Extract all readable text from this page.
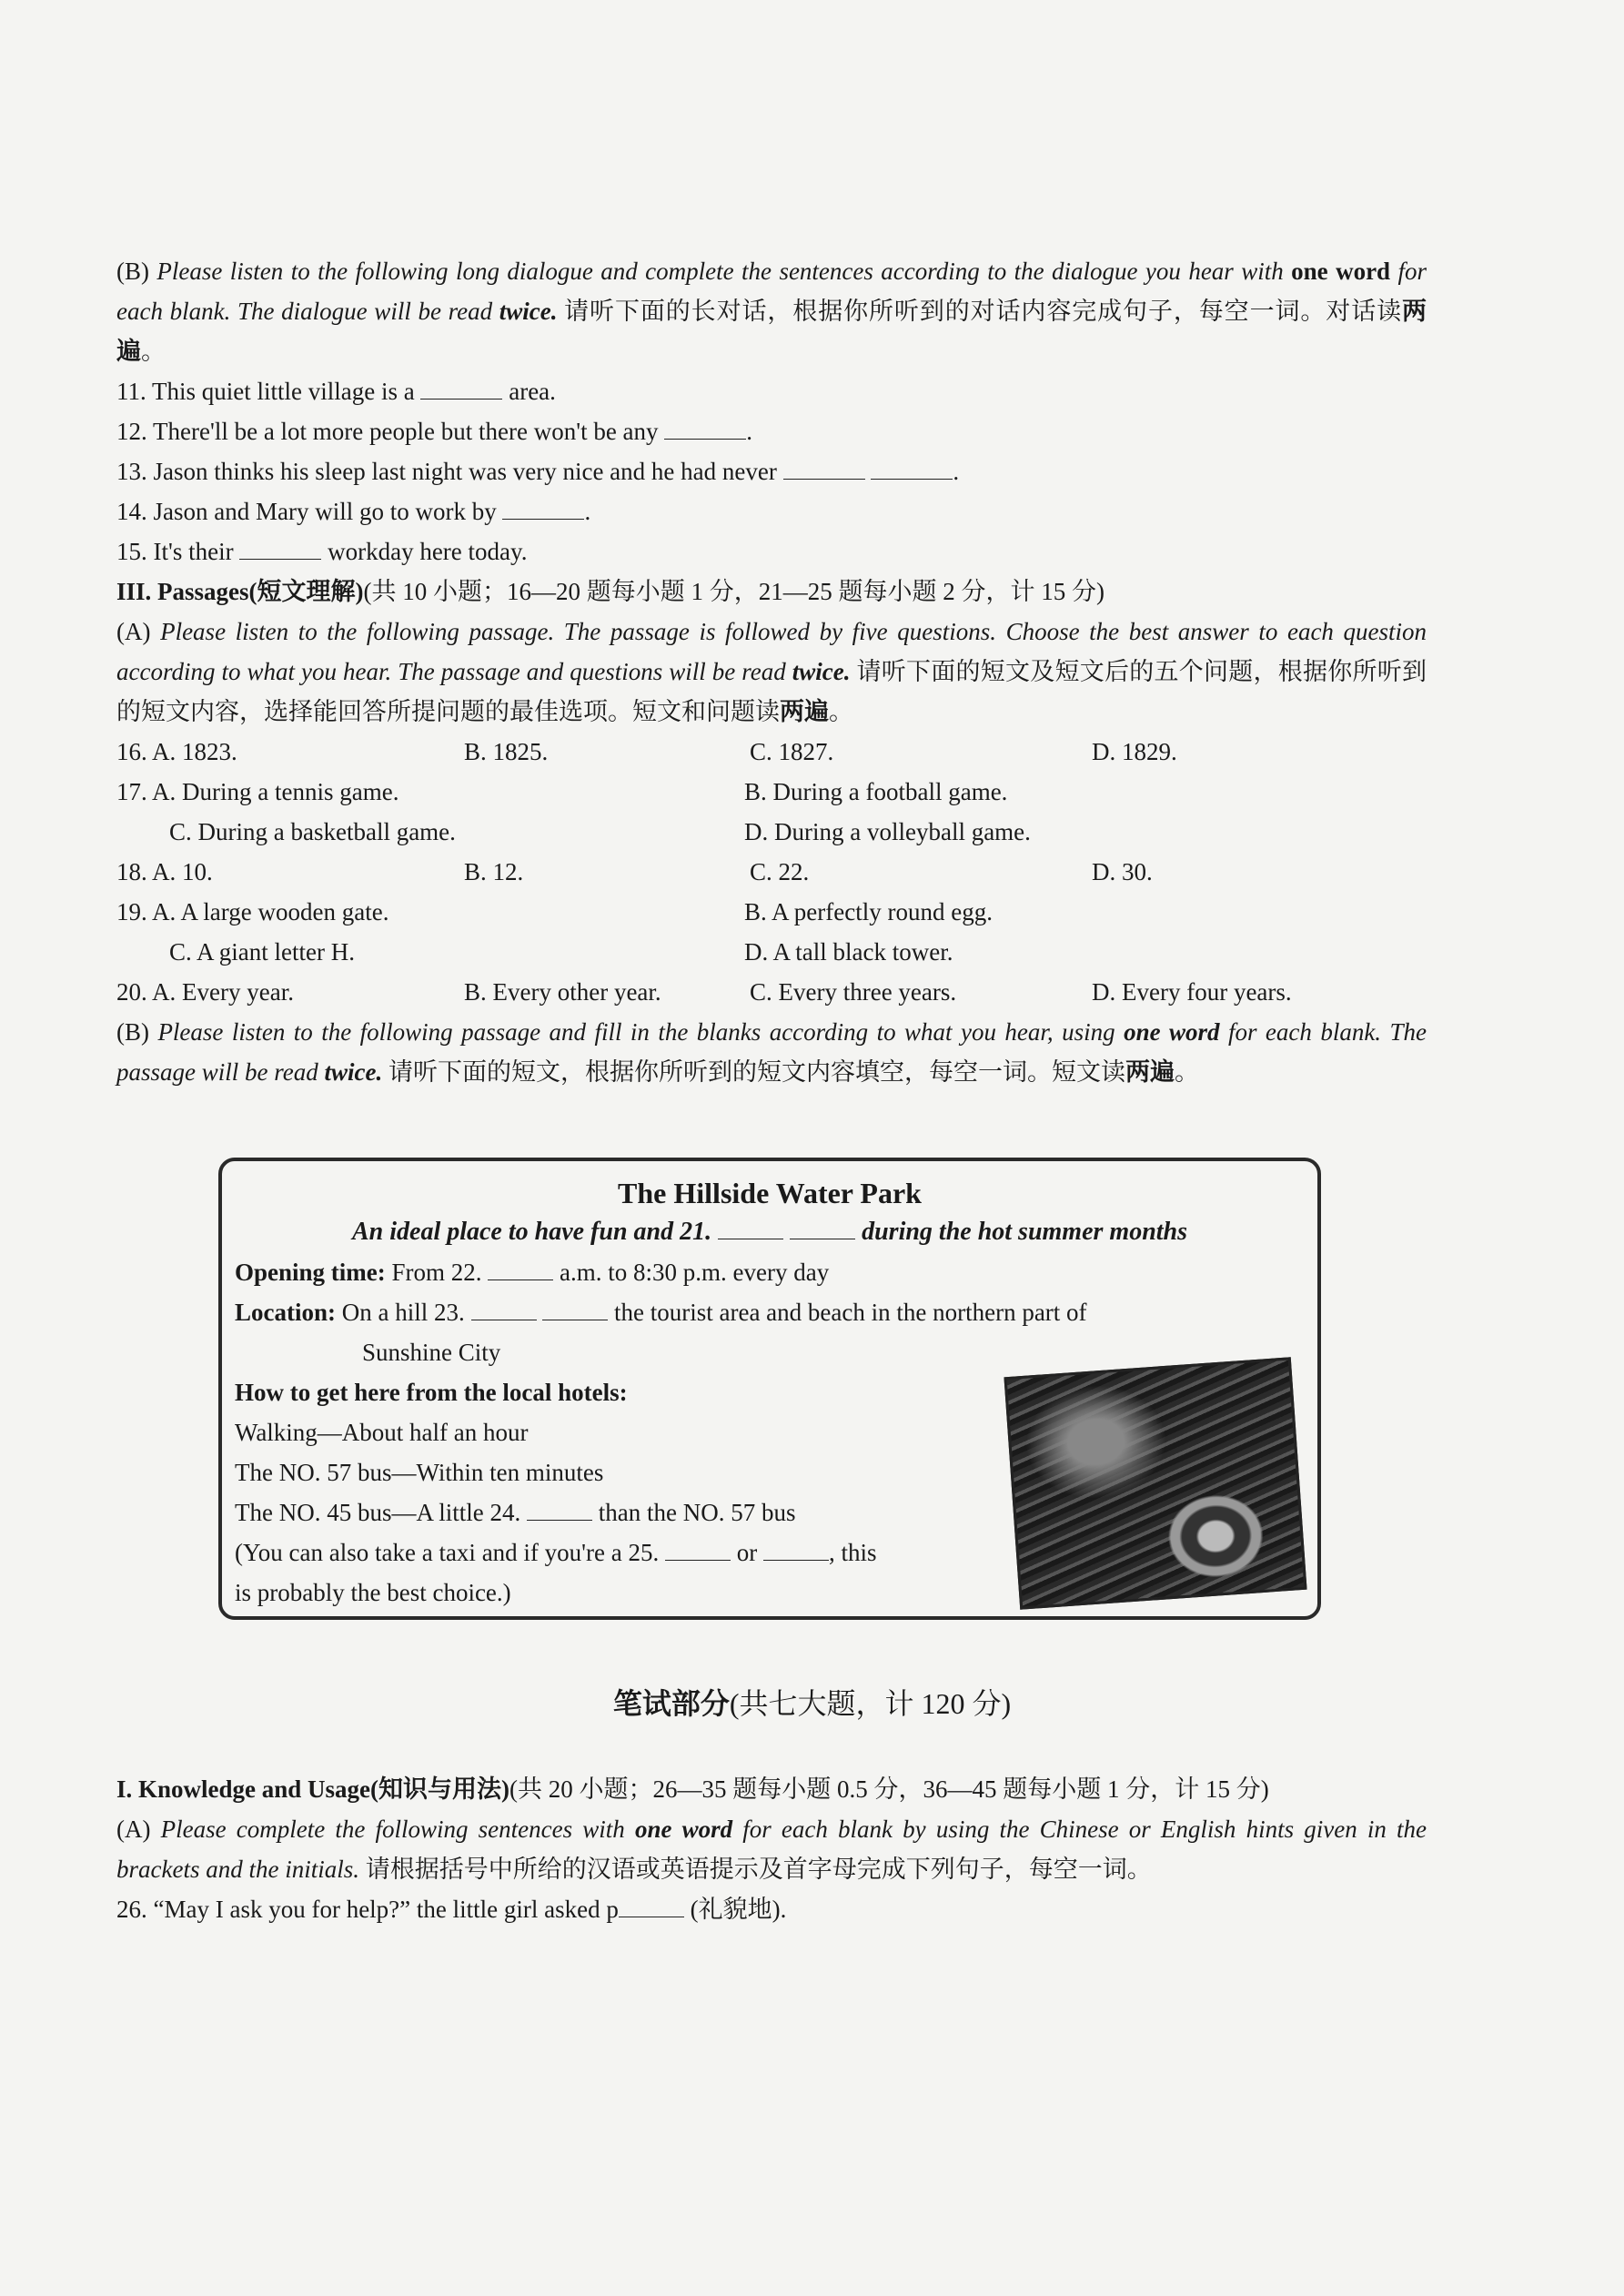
(B) Please listen to the following long dialogue and complete the sentences according to the dialogue you hear with one word for each blank. The dialogue will be read twice. 请听下面的长对话，根据你所听到的对话内容完成句子，每空一词。对话读两遍。
11. This quiet little village is a	area.
12. There'll be a lot more people but there won't be any	.
13. Jason thinks his sleep last night was very nice and he had never	.
14. Jason and Mary will go to work by	.
15. It's their	workday here today.
III. Passages(短文理解)(共 10 小题；16—20 题每小题 1 分，21—25 题每小题 2 分，计 15 分)
(A) Please listen to the following passage. The passage is followed by five questions. Choose the best answer to each question according to what you hear. The passage and questions will be read twice. 请听下面的短文及短文后的五个问题，根据你所听到的短文内容，选择能回答所提问题的最佳选项。短文和问题读两遍。
16. A. 1823.	B. 1825.	C. 1827.	D. 1829.
17. A. During a tennis game.	B. During a football game.
C. During a basketball game.	D. During a volleyball game.
18. A. 10.	B. 12.	C. 22.	D. 30.
19. A. A large wooden gate.	B. A perfectly round egg.
C. A giant letter H.	D. A tall black tower.
20. A. Every year.	B. Every other year.	C. Every three years.	D. Every four years.
(B) Please listen to the following passage and fill in the blanks according to what you hear, using one word for each blank. The passage will be read twice. 请听下面的短文，根据你所听到的短文内容填空，每空一词。短文读两遍。
The Hillside Water Park
An ideal place to have fun and 21.	during the hot summer months
Opening time: From 22.	a.m. to 8:30 p.m. every day
Location: On a hill 23.	the tourist area and beach in the northern part of
Sunshine City
How to get here from the local hotels:
Walking—About half an hour
The NO. 57 bus—Within ten minutes
The NO. 45 bus—A little 24.	than the NO. 57 bus
(You can also take a taxi and if you're a 25.	or	, this
is probably the best choice.)
笔试部分(共七大题，计 120 分)
I. Knowledge and Usage(知识与用法)(共 20 小题；26—35 题每小题 0.5 分，36—45 题每小题 1 分，计 15 分)
(A) Please complete the following sentences with one word for each blank by using the Chinese or English hints given in the brackets and the initials. 请根据括号中所给的汉语或英语提示及首字母完成下列句子，每空一词。
26. “May I ask you for help?” the little girl asked p	(礼貌地).
